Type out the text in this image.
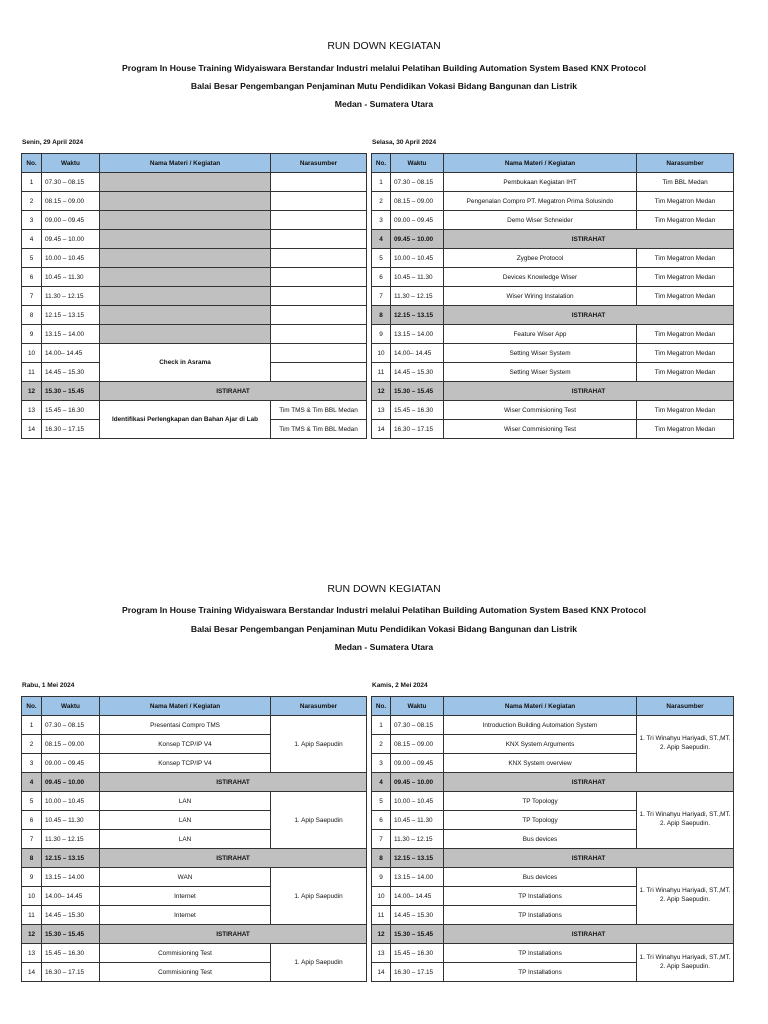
RUN DOWN KEGIATAN
Program In House Training Widyaiswara Berstandar Industri melalui Pelatihan Building Automation System Based KNX Protocol
Balai Besar Pengembangan Penjaminan Mutu Pendidikan Vokasi Bidang Bangunan dan Listrik
Medan - Sumatera Utara
Senin, 29 April 2024	Selasa, 30 April 2024
No.	Waktu	Nama Materi / Kegiatan	Narasumber
1	07.30 – 08.15		
2	08.15 – 09.00		
3	09.00 – 09.45		
4	09.45 – 10.00		
5	10.00 – 10.45		
6	10.45 – 11.30		
7	11.30 – 12.15		
8	12.15 – 13.15		
9	13.15 – 14.00		
10	14.00– 14.45	Check in Asrama	
11	14.45 – 15.30		
12	15.30 – 15.45	ISTIRAHAT	
13	15.45 – 16.30	Identifikasi Perlengkapan dan Bahan Ajar di Lab	Tim TMS & Tim BBL Medan
14	16.30 – 17.15		Tim TMS & Tim BBL Medan
No.	Waktu	Nama Materi / Kegiatan	Narasumber
1	07.30 – 08.15	Pembukaan Kegiatan IHT	Tim BBL Medan
2	08.15 – 09.00	Pengenalan Compro PT. Megatron Prima Solusindo	Tim Megatron Medan
3	09.00 – 09.45	Demo Wiser Schneider	Tim Megatron Medan
4	09.45 – 10.00	ISTIRAHAT	
5	10.00 – 10.45	Zygbee Protocol	Tim Megatron Medan
6	10.45 – 11.30	Devices Knowledge Wiser	Tim Megatron Medan
7	11.30 – 12.15	Wiser Wiring Instalation	Tim Megatron Medan
8	12.15 – 13.15	ISTIRAHAT	
9	13.15 – 14.00	Feature Wiser App	Tim Megatron Medan
10	14.00– 14.45	Setting Wiser System	Tim Megatron Medan
11	14.45 – 15.30	Setting Wiser System	Tim Megatron Medan
12	15.30 – 15.45	ISTIRAHAT	
13	15.45 – 16.30	Wiser Commisioning Test	Tim Megatron Medan
14	16.30 – 17.15	Wiser Commisioning Test	Tim Megatron Medan
RUN DOWN KEGIATAN
Program In House Training Widyaiswara Berstandar Industri melalui Pelatihan Building Automation System Based KNX Protocol
Balai Besar Pengembangan Penjaminan Mutu Pendidikan Vokasi Bidang Bangunan dan Listrik
Medan - Sumatera Utara
Rabu, 1 Mei 2024	Kamis, 2 Mei 2024
No.	Waktu	Nama Materi / Kegiatan	Narasumber
1	07.30 – 08.15	Presentasi Compro TMS	1. Apip Saepudin
2	08.15 – 09.00	Konsep TCP/IP V4	
3	09.00 – 09.45	Konsep TCP/IP V4	
4	09.45 – 10.00	ISTIRAHAT	
5	10.00 – 10.45	LAN	1. Apip Saepudin
6	10.45 – 11.30	LAN	
7	11.30 – 12.15	LAN	
8	12.15 – 13.15	ISTIRAHAT	
9	13.15 – 14.00	WAN	1. Apip Saepudin
10	14.00– 14.45	Internet	
11	14.45 – 15.30	Internet	
12	15.30 – 15.45	ISTIRAHAT	
13	15.45 – 16.30	Commisioning Test	1. Apip Saepudin
14	16.30 – 17.15	Commisioning Test	
No.	Waktu	Nama Materi / Kegiatan	Narasumber
1	07.30 – 08.15	Introduction Building Automation System	1. Tri Winahyu Hariyadi, ST.,MT.
2. Apip Saepudin.
2	08.15 – 09.00	KNX System Arguments	
3	09.00 – 09.45	KNX System overview	
4	09.45 – 10.00	ISTIRAHAT	
5	10.00 – 10.45	TP Topology	1. Tri Winahyu Hariyadi, ST.,MT.
2. Apip Saepudin.
6	10.45 – 11.30	TP Topology	
7	11.30 – 12.15	Bus devices	
8	12.15 – 13.15	ISTIRAHAT	
9	13.15 – 14.00	Bus devices	1. Tri Winahyu Hariyadi, ST.,MT.
2. Apip Saepudin.
10	14.00– 14.45	TP Installations	
11	14.45 – 15.30	TP Installations	
12	15.30 – 15.45	ISTIRAHAT	
13	15.45 – 16.30	TP Installations	1. Tri Winahyu Hariyadi, ST.,MT.
2. Apip Saepudin.
14	16.30 – 17.15	TP Installations	
